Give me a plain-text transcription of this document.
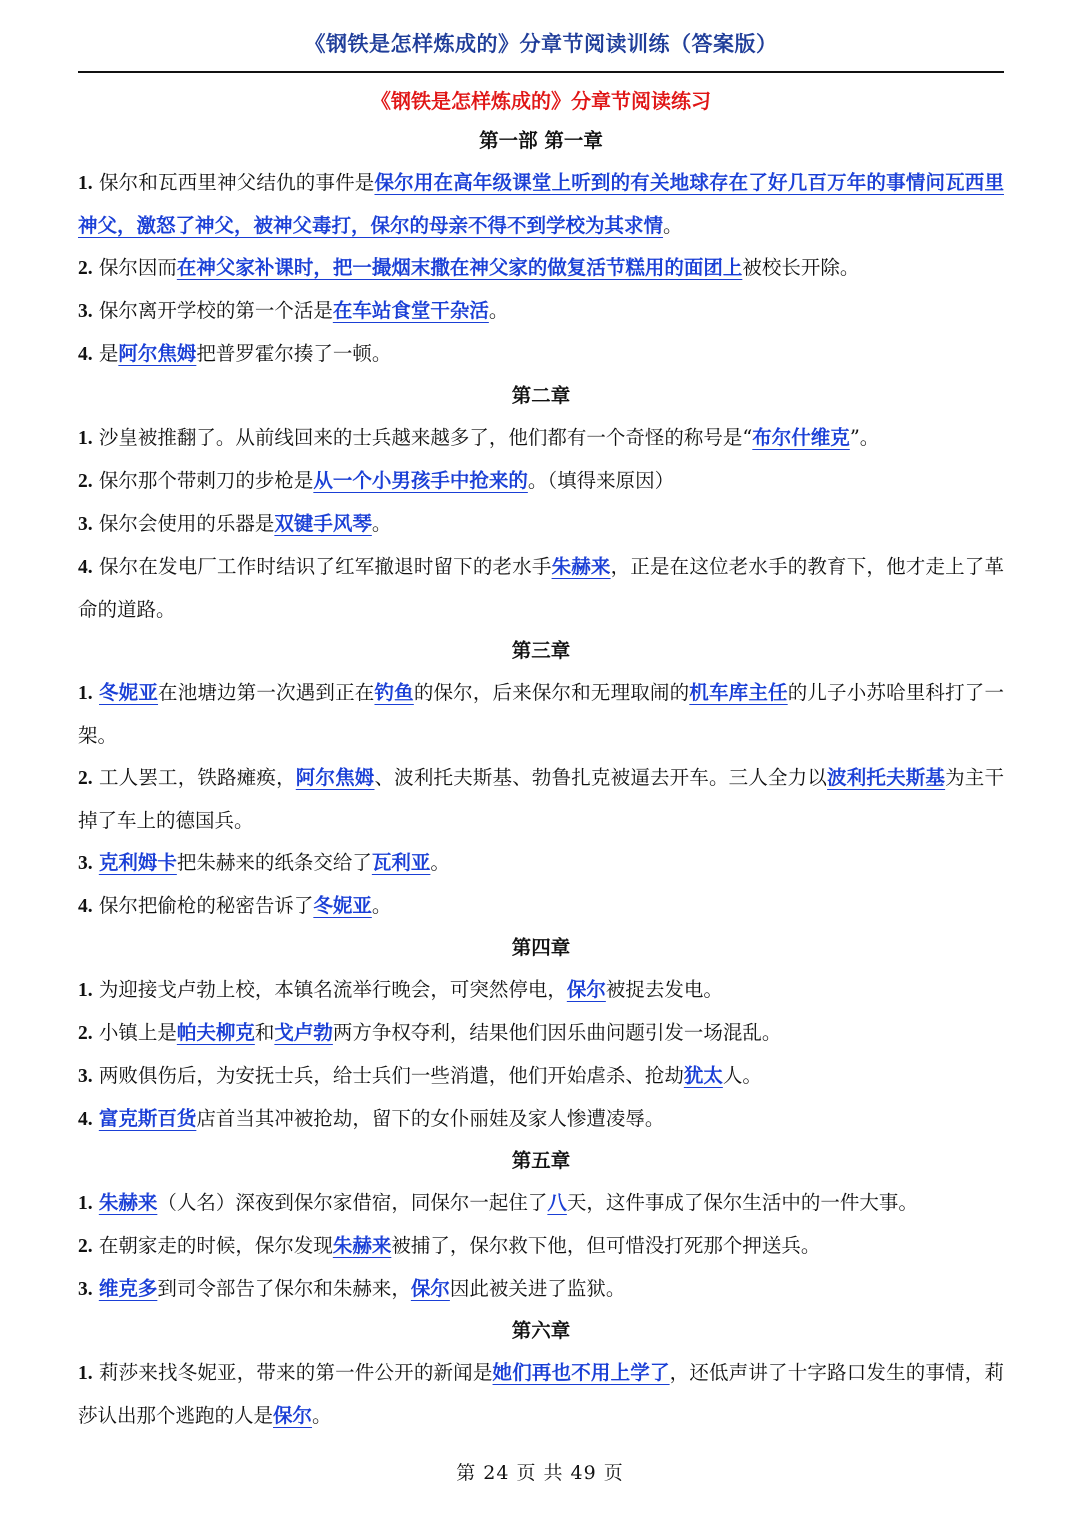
《钢铁是怎样炼成的》分章节阅读训练（答案版）
《钢铁是怎样炼成的》分章节阅读练习
第一部 第一章
1. 保尔和瓦西里神父结仇的事件是保尔用在高年级课堂上听到的有关地球存在了好几百万年的事情问瓦西里神父，激怒了神父，被神父毒打，保尔的母亲不得不到学校为其求情。
2. 保尔因而在神父家补课时，把一撮烟末撒在神父家的做复活节糕用的面团上被校长开除。
3. 保尔离开学校的第一个活是在车站食堂干杂活。
4. 是阿尔焦姆把普罗霍尔揍了一顿。
第二章
1. 沙皇被推翻了。从前线回来的士兵越来越多了，他们都有一个奇怪的称号是“布尔什维克”。
2. 保尔那个带刺刀的步枪是从一个小男孩手中抢来的。（填得来原因）
3. 保尔会使用的乐器是双键手风琴。
4. 保尔在发电厂工作时结识了红军撤退时留下的老水手朱赫来，正是在这位老水手的教育下，他才走上了革命的道路。
第三章
1. 冬妮亚在池塘边第一次遇到正在钓鱼的保尔，后来保尔和无理取闹的机车库主任的儿子小苏哈里科打了一架。
2. 工人罢工，铁路瘫痪，阿尔焦姆、波利托夫斯基、勃鲁扎克被逼去开车。三人全力以波利托夫斯基为主干掉了车上的德国兵。
3. 克利姆卡把朱赫来的纸条交给了瓦利亚。
4. 保尔把偷枪的秘密告诉了冬妮亚。
第四章
1. 为迎接戈卢勃上校，本镇名流举行晚会，可突然停电，保尔被捉去发电。
2. 小镇上是帕夫柳克和戈卢勃两方争权夺利，结果他们因乐曲问题引发一场混乱。
3. 两败俱伤后，为安抚士兵，给士兵们一些消遣，他们开始虐杀、抢劫犹太人。
4. 富克斯百货店首当其冲被抢劫，留下的女仆丽娃及家人惨遭凌辱。
第五章
1. 朱赫来（人名）深夜到保尔家借宿，同保尔一起住了八天，这件事成了保尔生活中的一件大事。
2. 在朝家走的时候，保尔发现朱赫来被捕了，保尔救下他，但可惜没打死那个押送兵。
3. 维克多到司令部告了保尔和朱赫来，保尔因此被关进了监狱。
第六章
1. 莉莎来找冬妮亚，带来的第一件公开的新闻是她们再也不用上学了，还低声讲了十字路口发生的事情，莉莎认出那个逃跑的人是保尔。
第 24 页 共 49 页
